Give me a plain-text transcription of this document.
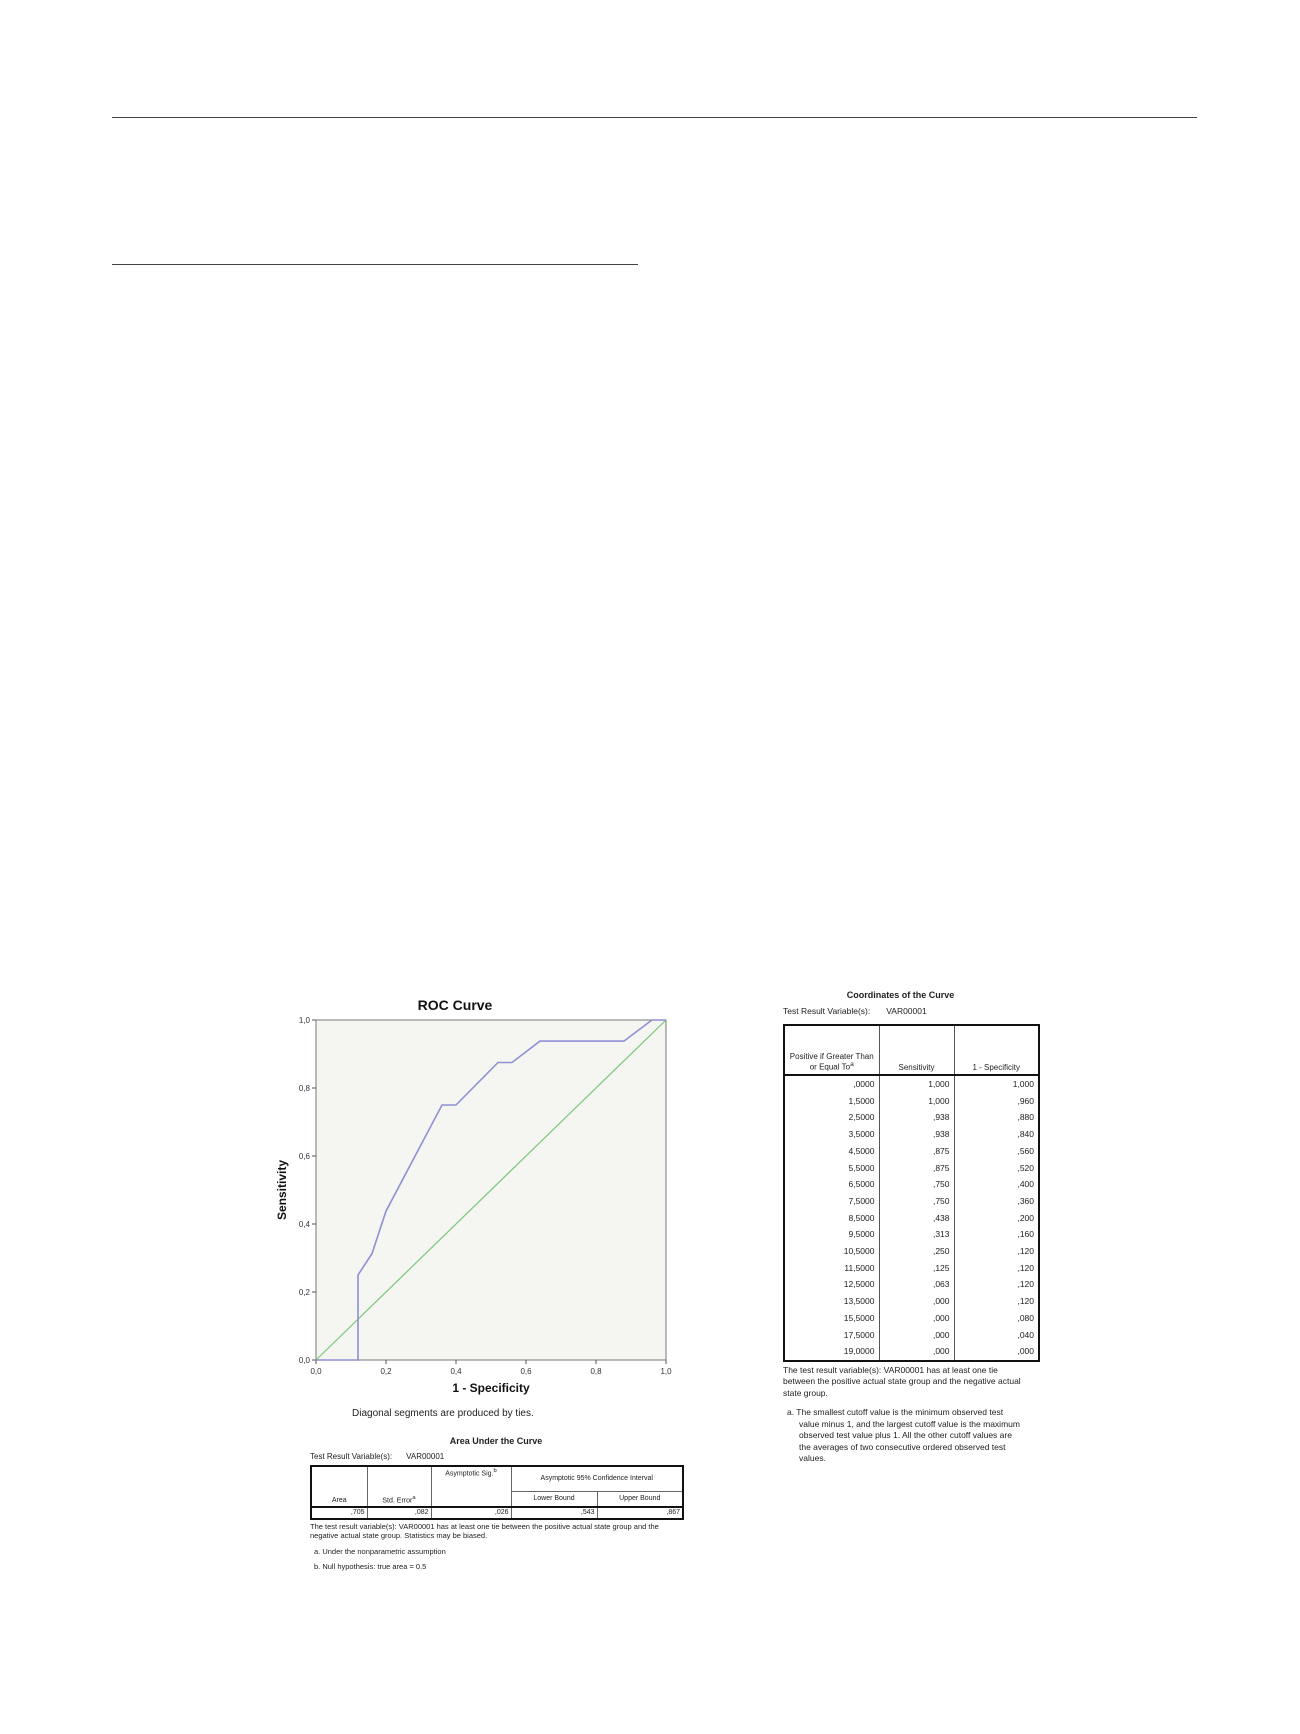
ROC Curve
0,0	0,2	0,4	0,6	0,8	1,0
0,0
0,2
0,4
0,6
0,8
1,0
1 - Specificity
Sensitivity
Diagonal segments are produced by ties.
Area Under the Curve
Test Result Variable(s): VAR00001
Area	Std. Error$^a$	Asymptotic Sig.$^b$	Asymptotic 95% Confidence Interval	
			Lower Bound	Upper Bound
,705	,082	,026	,543	,867
The test result variable(s): VAR00001 has at least one tie between the positive actual state group and the negative actual state group. Statistics may be biased.
a. Under the nonparametric assumption
b. Null hypothesis: true area = 0.5
Coordinates of the Curve
Test Result Variable(s): VAR00001
Positive if Greater Than or Equal To$^a$	Sensitivity	1 - Specificity
,0000	1,000	1,000
1,5000	1,000	,960
2,5000	,938	,880
3,5000	,938	,840
4,5000	,875	,560
5,5000	,875	,520
6,5000	,750	,400
7,5000	,750	,360
8,5000	,438	,200
9,5000	,313	,160
10,5000	,250	,120
11,5000	,125	,120
12,5000	,063	,120
13,5000	,000	,120
15,5000	,000	,080
17,5000	,000	,040
19,0000	,000	,000
The test result variable(s): VAR00001 has at least one tie between the positive actual state group and the negative actual state group.
a. The smallest cutoff value is the minimum observed test value minus 1, and the largest cutoff value is the maximum observed test value plus 1. All the other cutoff values are the averages of two consecutive ordered observed test values.
